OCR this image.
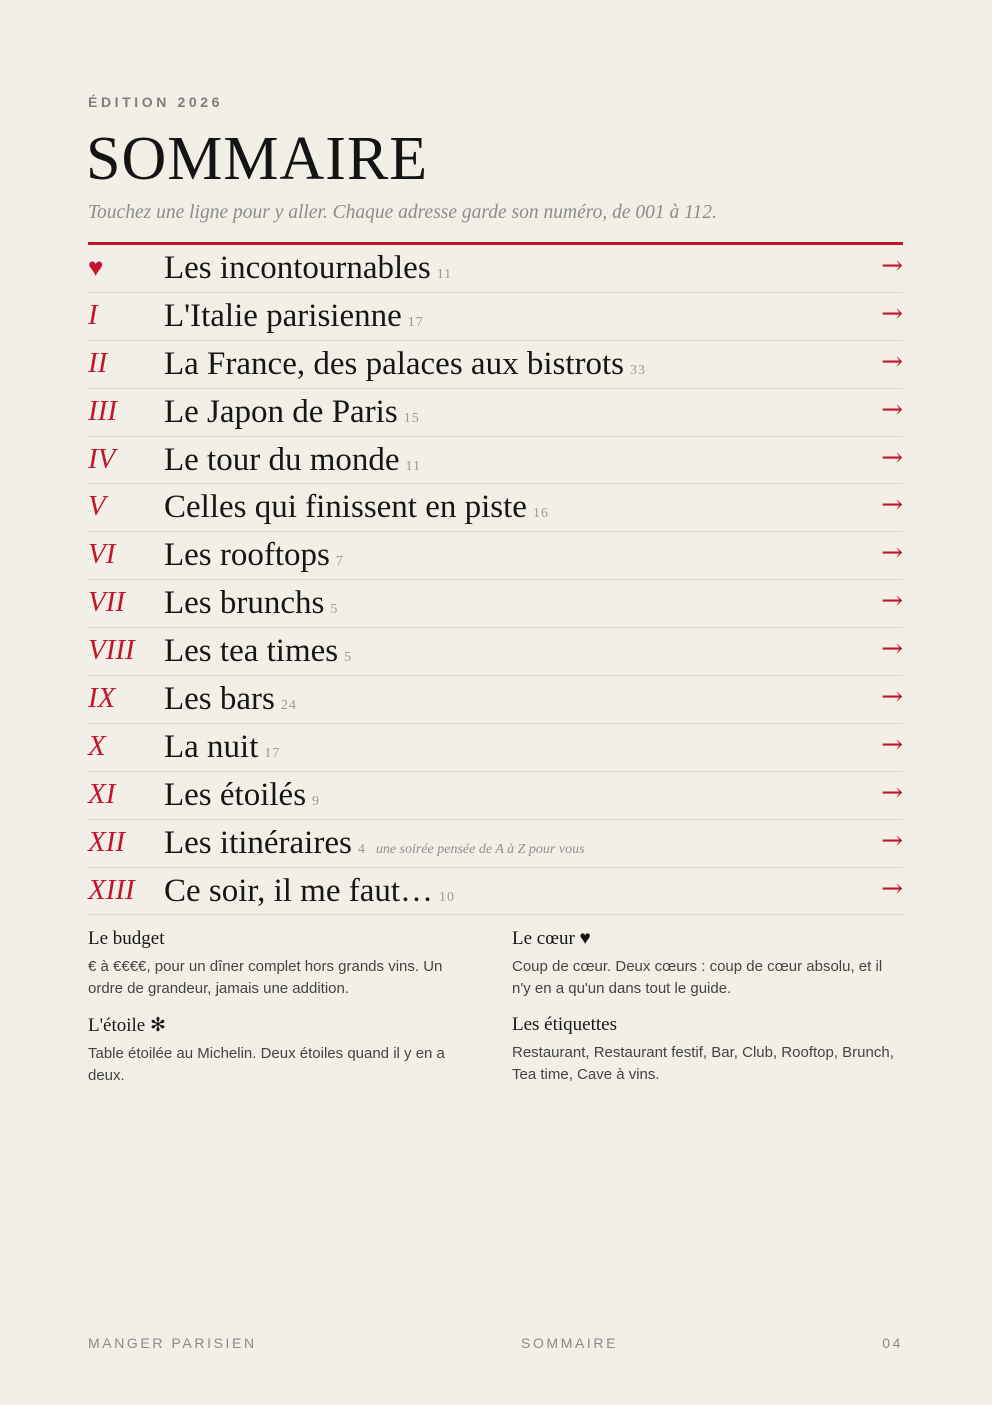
ÉDITION 2026
SOMMAIRE
Touchez une ligne pour y aller. Chaque adresse garde son numéro, de 001 à 112.
♥ Les incontournables 11	→
I L'Italie parisienne 17	→
II La France, des palaces aux bistrots 33	→
III Le Japon de Paris 15	→
IV Le tour du monde 11	→
V Celles qui finissent en piste 16	→
VI Les rooftops 7	→
VII Les brunchs 5	→
VIII Les tea times 5	→
IX Les bars 24	→
X La nuit 17	→
XI Les étoilés 9	→
XII Les itinéraires 4 une soirée pensée de A à Z pour vous	→
XIII Ce soir, il me faut… 10	→
Le budget
€ à €€€€, pour un dîner complet hors grands vins. Un ordre de grandeur, jamais une addition.
Le cœur ♥
Coup de cœur. Deux cœurs : coup de cœur absolu, et il n'y en a qu'un dans tout le guide.
L'étoile ✻
Table étoilée au Michelin. Deux étoiles quand il y en a deux.
Les étiquettes
Restaurant, Restaurant festif, Bar, Club, Rooftop, Brunch, Tea time, Cave à vins.
MANGER PARISIEN	SOMMAIRE	04
